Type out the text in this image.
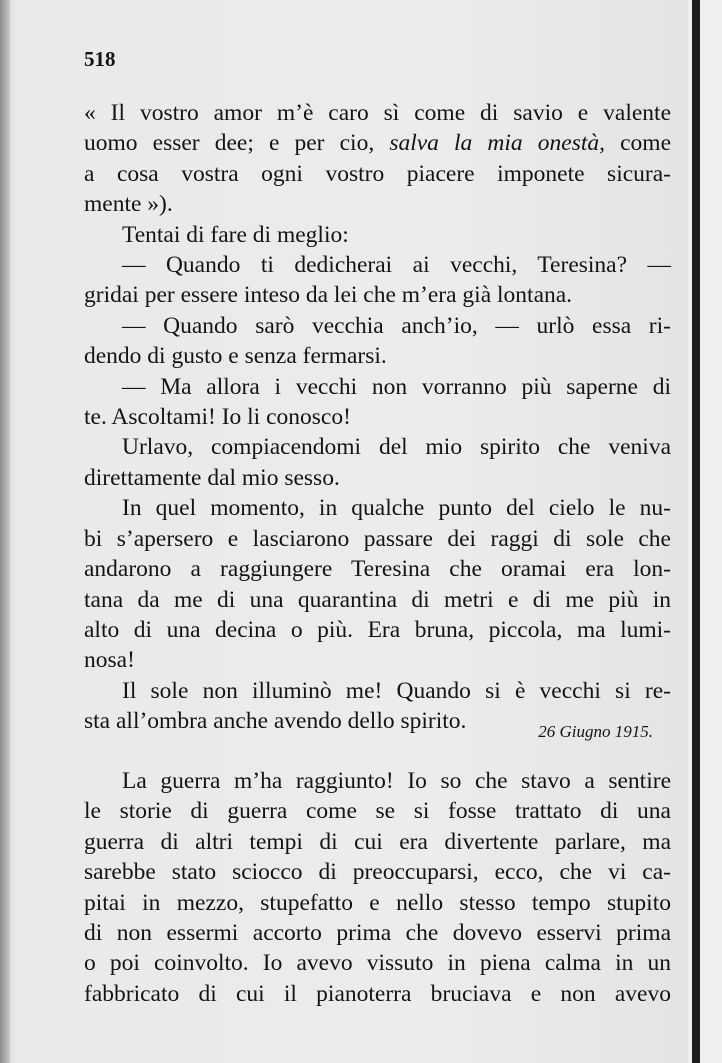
518

« Il vostro amor m’è caro sì come di savio e valente

uomo esser dee; e per cio, salva la mia onestà, come

a cosa vostra ogni vostro piacere imponete sicura-

mente »).

Tentai di fare di meglio:

— Quando ti dedicherai ai vecchi, Teresina? —

gridai per essere inteso da lei che m’era già lontana.

— Quando sarò vecchia anch’io, — urlò essa ri-

dendo di gusto e senza fermarsi.

— Ma allora i vecchi non vorranno più saperne di

te. Ascoltami! Io li conosco!

Urlavo, compiacendomi del mio spirito che veniva

direttamente dal mio sesso.

In quel momento, in qualche punto del cielo le nu-

bi s’apersero e lasciarono passare dei raggi di sole che

andarono a raggiungere Teresina che oramai era lon-

tana da me di una quarantina di metri e di me più in

alto di una decina o più. Era bruna, piccola, ma lumi-

nosa!

Il sole non illuminò me! Quando si è vecchi si re-

sta all’ombra anche avendo dello spirito.	26 Giugno 1915.

La guerra m’ha raggiunto! Io so che stavo a sentire

le storie di guerra come se si fosse trattato di una

guerra di altri tempi di cui era divertente parlare, ma

sarebbe stato sciocco di preoccuparsi, ecco, che vi ca-

pitai in mezzo, stupefatto e nello stesso tempo stupito

di non essermi accorto prima che dovevo esservi prima

o poi coinvolto. Io avevo vissuto in piena calma in un

fabbricato di cui il pianoterra bruciava e non avevo
